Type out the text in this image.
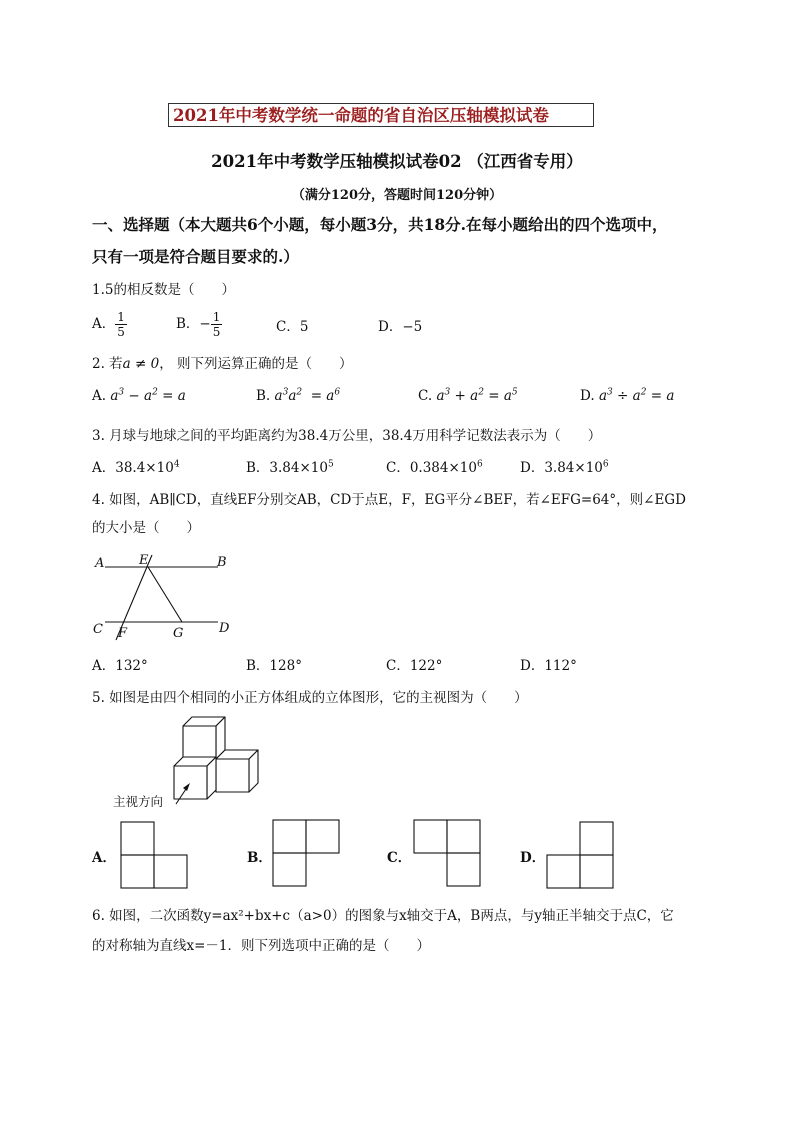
2021年中考数学统一命题的省自治区压轴模拟试卷
2021年中考数学压轴模拟试卷02 （江西省专用）
（满分120分，答题时间120分钟）
一、选择题（本大题共6个小题，每小题3分，共18分.在每小题给出的四个选项中，
只有一项是符合题目要求的.）
1.5的相反数是（　　）
A． $\frac{1}{5}$	B．− $\frac{1}{5}$	C．5	D．−5
2. 若a ≠ 0， 则下列运算正确的是（　　）
A. $a^3 - a^2 = a$	B. $a^3a^2 = a^6$	C. $a^3 + a^2 = a^5$	D. $a^3 \div a^2 = a$
3. 月球与地球之间的平均距离约为38.4万公里，38.4万用科学记数法表示为（　　）
A．$38.4\times 10^4$	B．$3.84\times 10^5$	C．$0.384\times 10^6$	D．$3.84\times 10^6$
4. 如图，AB∥CD，直线EF分别交AB，CD于点E，F，EG平分∠BEF，若∠EFG=64°，则∠EGD
的大小是（　　）
A	E	B
C F	G	D
A．132°	B．128°	C．122°	D．112°
5. 如图是由四个相同的小正方体组成的立体图形，它的主视图为（　　）
主视方向
A．	B．	C．	D．
6. 如图，二次函数y=ax²+bx+c（a>0）的图象与x轴交于A，B两点，与y轴正半轴交于点C，它
的对称轴为直线x=－1．则下列选项中正确的是（　　）
